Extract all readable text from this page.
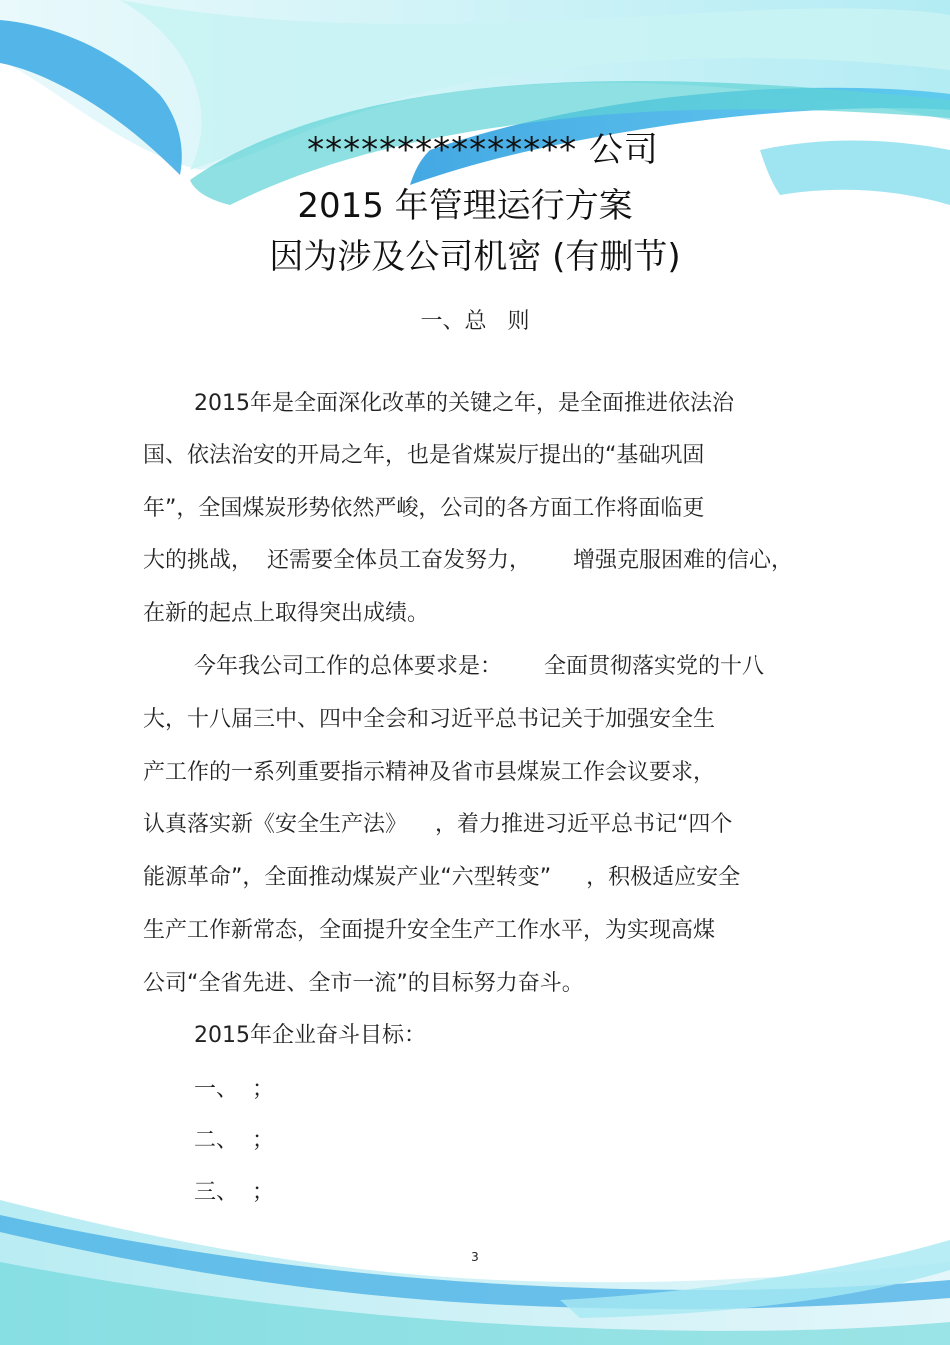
*************** 公司
2015 年管理运行方案
因为涉及公司机密 (有删节)
一、总   则
2015年是全面深化改革的关键之年，是全面推进依法治
国、依法治安的开局之年，也是省煤炭厅提出的“基础巩固
年”，全国煤炭形势依然严峻，公司的各方面工作将面临更
大的挑战，  还需要全体员工奋发努力，      增强克服困难的信心，
在新的起点上取得突出成绩。
今年我公司工作的总体要求是：      全面贯彻落实党的十八
大，十八届三中、四中全会和习近平总书记关于加强安全生
产工作的一系列重要指示精神及省市县煤炭工作会议要求，
认真落实新《安全生产法》    ，着力推进习近平总书记“四个
能源革命”，全面推动煤炭产业“六型转变”     ，积极适应安全
生产工作新常态，全面提升安全生产工作水平，为实现高煤
公司“全省先进、全市一流”的目标努力奋斗。
2015年企业奋斗目标：
一、  ；
二、  ；
三、  ；
3
